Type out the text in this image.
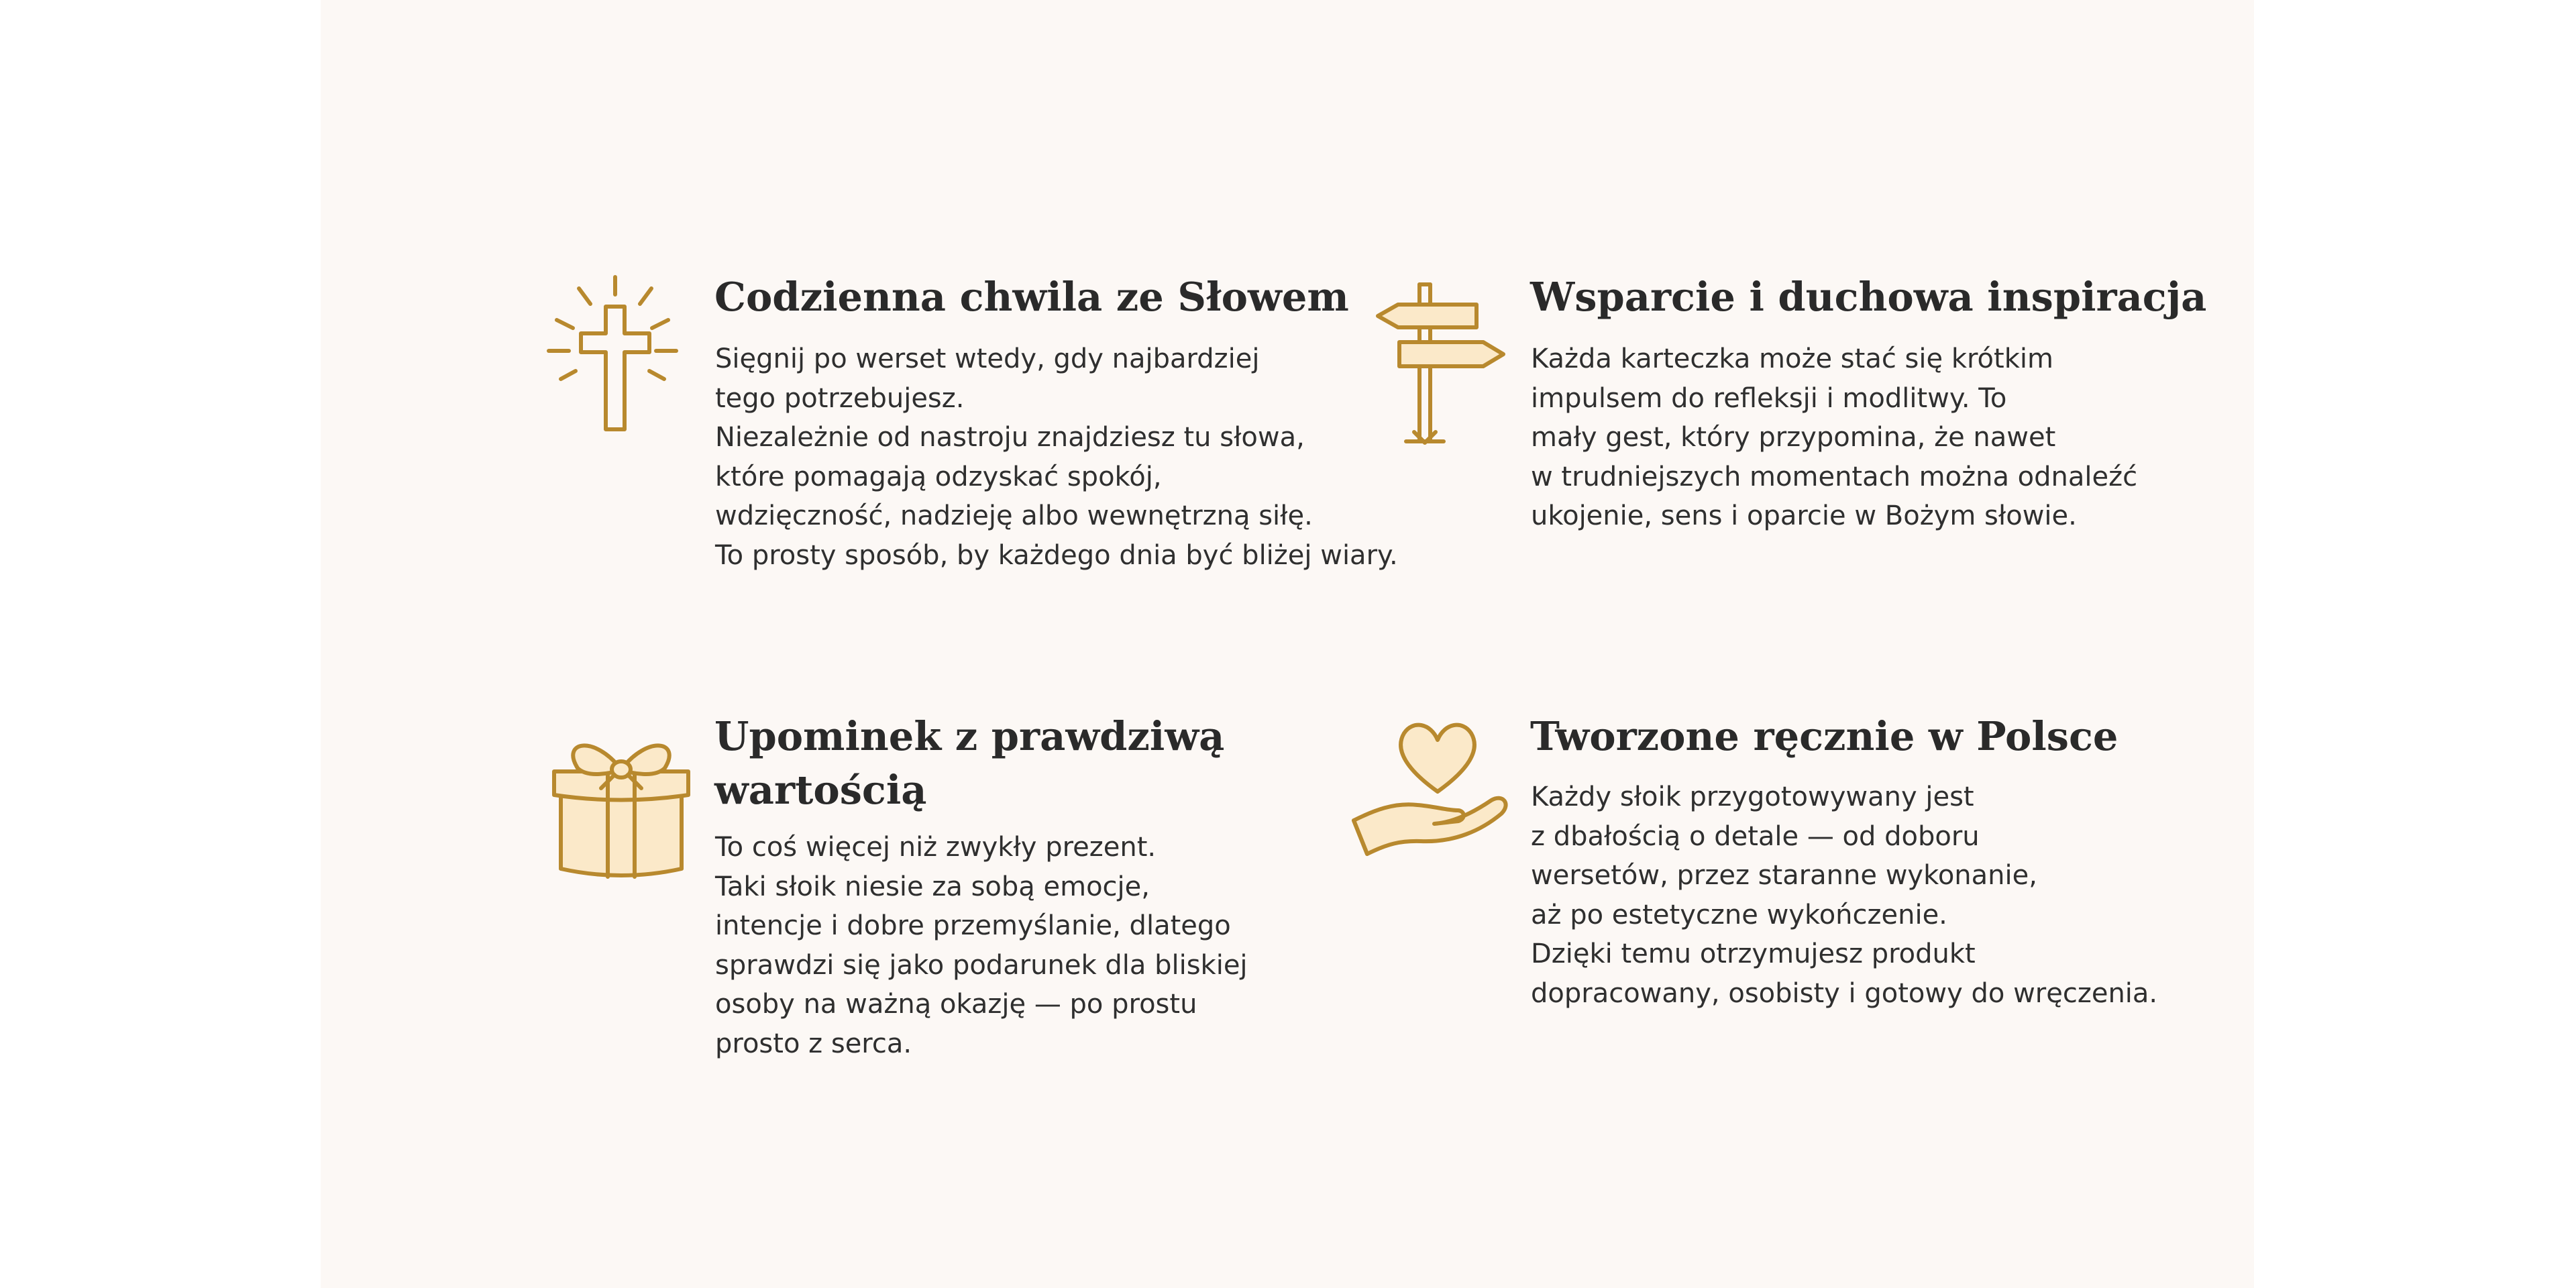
Codzienna chwila ze Słowem
Sięgnij po werset wtedy, gdy najbardziej
tego potrzebujesz.
Niezależnie od nastroju znajdziesz tu słowa,
które pomagają odzyskać spokój,
wdzięczność, nadzieję albo wewnętrzną siłę.
To prosty sposób, by każdego dnia być bliżej wiary.
Wsparcie i duchowa inspiracja
Każda karteczka może stać się krótkim
impulsem do refleksji i modlitwy. To
mały gest, który przypomina, że nawet
w trudniejszych momentach można odnaleźć
ukojenie, sens i oparcie w Bożym słowie.
Upominek z prawdziwą
wartością
To coś więcej niż zwykły prezent.
Taki słoik niesie za sobą emocje,
intencje i dobre przemyślanie, dlatego
sprawdzi się jako podarunek dla bliskiej
osoby na ważną okazję — po prostu
prosto z serca.
Tworzone ręcznie w Polsce
Każdy słoik przygotowywany jest
z dbałością o detale — od doboru
wersetów, przez staranne wykonanie,
aż po estetyczne wykończenie.
Dzięki temu otrzymujesz produkt
dopracowany, osobisty i gotowy do wręczenia.
